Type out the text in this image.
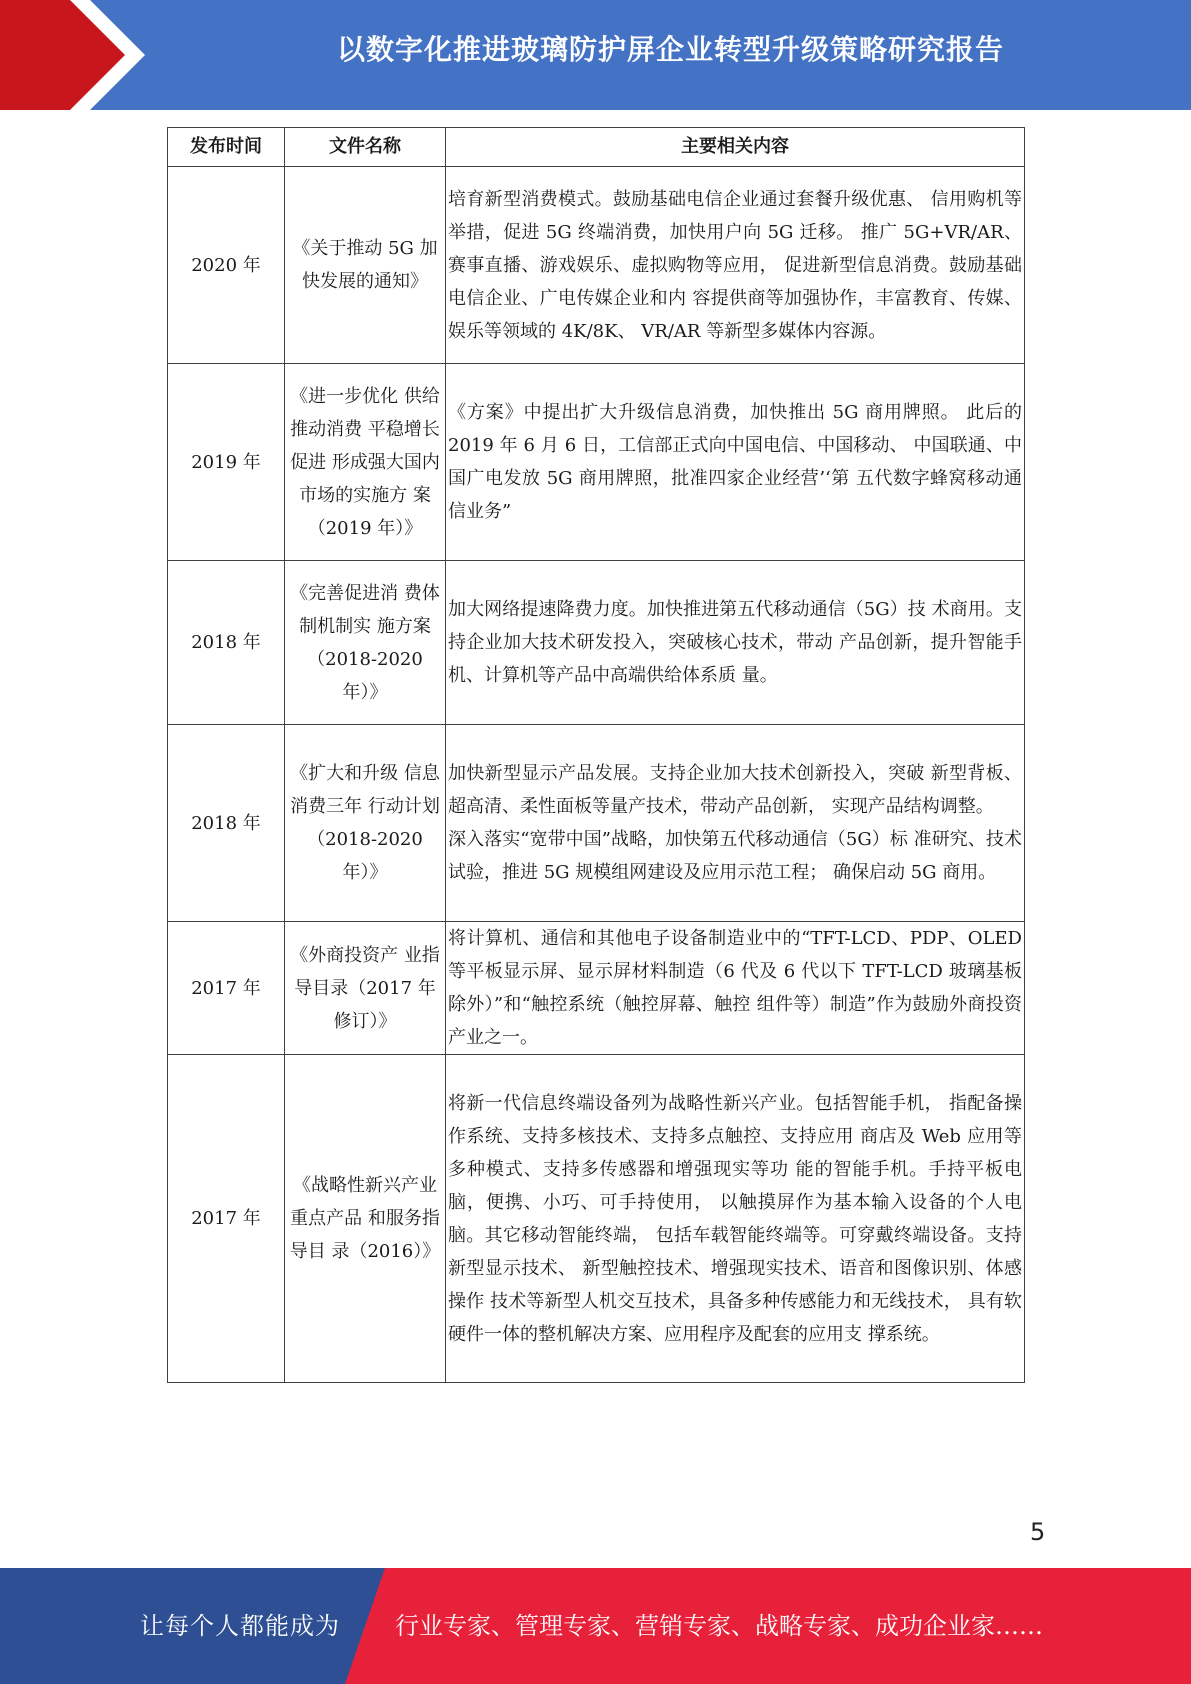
以数字化推进玻璃防护屏企业转型升级策略研究报告
发布时间	文件名称	主要相关内容
2020 年	《关于推动 5G 加快发展的通知》	培育新型消费模式。鼓励基础电信企业通过套餐升级优惠、 信用购机等举措，促进 5G 终端消费，加快用户向 5G 迁移。 推广 5G+VR/AR、赛事直播、游戏娱乐、虚拟购物等应用， 促进新型信息消费。鼓励基础电信企业、广电传媒企业和内 容提供商等加强协作，丰富教育、传媒、娱乐等领域的 4K/8K、 VR/AR 等新型多媒体内容源。
2019 年	《进一步优化 供给推动消费 平稳增长促进 形成强大国内 市场的实施方 案（2019 年）》	《方案》中提出扩大升级信息消费，加快推出 5G 商用牌照。 此后的 2019 年 6 月 6 日，工信部正式向中国电信、中国移动、 中国联通、中国广电发放 5G 商用牌照，批准四家企业经营’‘第 五代数字蜂窝移动通信业务”
2018 年	《完善促进消 费体制机制实 施方案（2018-2020 年）》	加大网络提速降费力度。加快推进第五代移动通信（5G）技 术商用。支持企业加大技术研发投入，突破核心技术，带动 产品创新，提升智能手机、计算机等产品中高端供给体系质 量。
2018 年	《扩大和升级 信息消费三年 行动计划（2018-2020 年）》	加快新型显示产品发展。支持企业加大技术创新投入，突破 新型背板、超高清、柔性面板等量产技术，带动产品创新， 实现产品结构调整。
深入落实“宽带中国”战略，加快第五代移动通信（5G）标 准研究、技术试验，推进 5G 规模组网建设及应用示范工程； 确保启动 5G 商用。

2017 年	《外商投资产 业指导目录（2017 年修订）》	将计算机、通信和其他电子设备制造业中的“TFT-LCD、PDP、OLED 等平板显示屏、显示屏材料制造（6 代及 6 代以下 TFT-LCD 玻璃基板除外）”和“触控系统（触控屏幕、触控 组件等）制造”作为鼓励外商投资产业之一。
2017 年	《战略性新兴产业重点产品 和服务指导目 录（2016）》	将新一代信息终端设备列为战略性新兴产业。包括智能手机， 指配备操作系统、支持多核技术、支持多点触控、支持应用 商店及 Web 应用等多种模式、支持多传感器和增强现实等功 能的智能手机。手持平板电脑，便携、小巧、可手持使用， 以触摸屏作为基本输入设备的个人电脑。其它移动智能终端， 包括车载智能终端等。可穿戴终端设备。支持新型显示技术、 新型触控技术、增强现实技术、语音和图像识别、体感操作 技术等新型人机交互技术，具备多种传感能力和无线技术， 具有软硬件一体的整机解决方案、应用程序及配套的应用支 撑系统。
5
让每个人都能成为 行业专家、管理专家、营销专家、战略专家、成功企业家……
